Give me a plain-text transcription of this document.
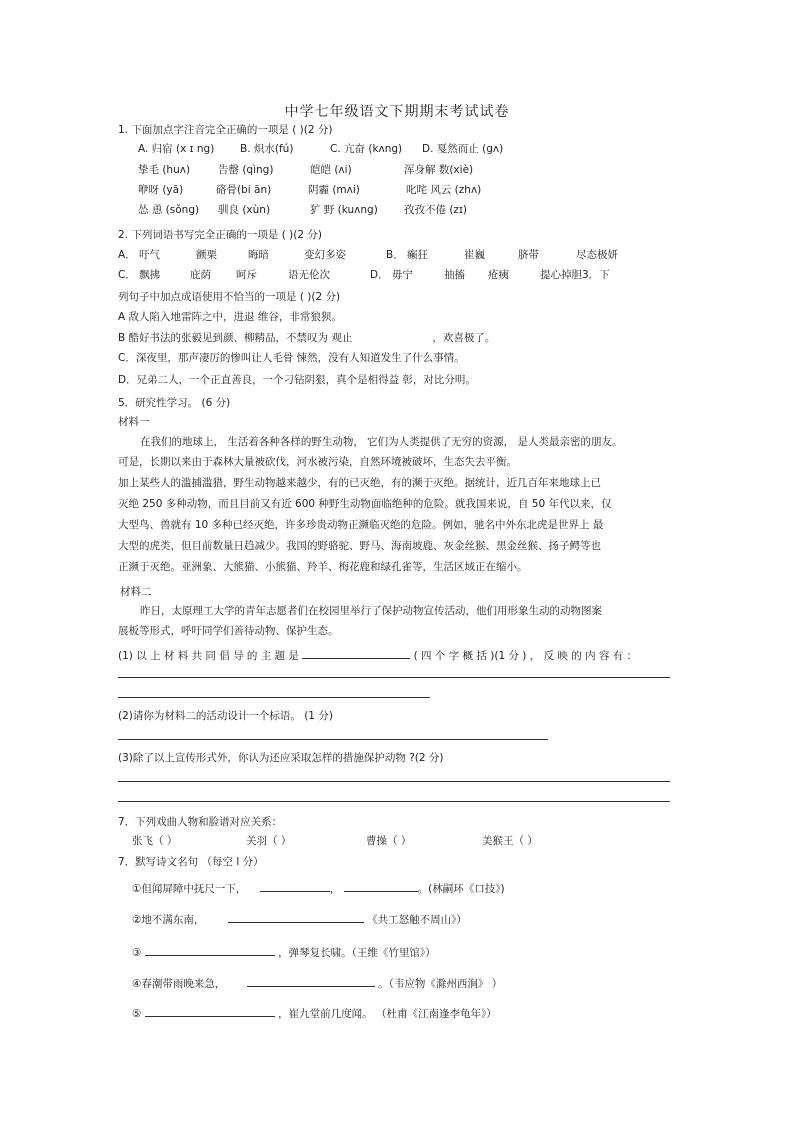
中学七年级语文下期期末考试试卷
1. 下面加点字注音完全正确的一项是 ( )(2 分)
A. 归宿 (x ɪ ng) B. 炽水(fú)	C. 亢奋 (kʌng) D. 戛然而止 (gʌ)
挚毛 (huʌ)	告罄 (qìng)	皑皑 (ʌi)	浑身解 数(xiè)
咿呀 (yā)	硌骨(bi ān)	阴霾 (mʌi)	叱咤 风云 (zhʌ)
怂 恿 (sǒng) 驯良 (xùn)	犷 野 (kuʌng) 孜孜不倦 (zɪ)
2. 下列词语书写完全正确的一项是 ( )(2 分)
A． 吁气	颤栗	晦暗	变幻多姿	B． 癫狂	崔巍	脐带	尽态极妍
C． 飘拂	庇荫 呵斥	语无伦次	D． 毋宁	抽搐 疮痍	提心掉胆3．下
列句子中加点成语使用不恰当的一项是 ( )(2 分)
A 敌人陷入地雷阵之中，进退 维谷，非常狼狈。
B 酷好书法的张毅见到颜、柳精品，不禁叹为 观止	，欢喜极了。
C．深夜里，那声凄厉的惨叫让人毛骨 悚然，没有人知道发生了什么事情。
D．兄弟二人，一个正直善良，一个刁钻阴狠，真个是相得益 彰，对比分明。
5．研究性学习。 (6 分)
材料一
在我们的地球上， 生活着各种各样的野生动物， 它们为人类提供了无穷的资源， 是人类最亲密的朋友。
可是，长期以来由于森林大量被砍伐，河水被污染，自然环境被破坏，生态失去平衡。
加上某些人的滥捕滥猎，野生动物越来越少，有的已灭绝，有的濒于灭绝。据统计，近几百年来地球上已
灭绝 250 多种动物，而且目前又有近 600 种野生动物面临绝种的危险。就我国来说，自 50 年代以来，仅
大型鸟、兽就有 10 多种已经灭绝，许多珍贵动物正濒临灭绝的危险。例如，驰名中外东北虎是世界上 最
大型的虎类，但目前数量日趋减少。我国的野骆驼、野马、海南坡鹿、灰金丝猴、黑金丝猴、扬子鳄等也
正濒于灭绝。亚洲象、大熊猫、小熊猫、羚羊、梅花鹿和绿孔雀等，生活区域正在缩小。
材料二
昨日，太原理工大学的青年志愿者们在校园里举行了保护动物宣传活动，他们用形象生动的动物图案
展板等形式，呼吁同学们善待动物、保护生态。
(1) 以 上 材 料 共 同 倡 导 的 主 题 是	( 四 个 字 概 括 )(1 分 ) ， 反 映 的 内 容 有 ：
(2)请你为材料二的活动设计一个标语。 (1 分)
(3)除了以上宣传形式外，你认为还应采取怎样的措施保护动物 ?(2 分)
7．下列戏曲人物和脸谱对应关系：
张飞（ ）	关羽（ ）	曹操（ ）	美猴王（ ）
7．默写诗文名句 （每空 l 分）
①但闻屏障中抚尺一下，	，	。(林嗣环《口技》)
②地不满东南，	《共工怒触不周山》）
③	，弹琴复长啸。（王维《竹里馆》）
④春潮带雨晚来急，	。（韦应物《滁州西涧》 ）
⑤	，崔九堂前几度闻。 （杜甫《江南逢李龟年》）
